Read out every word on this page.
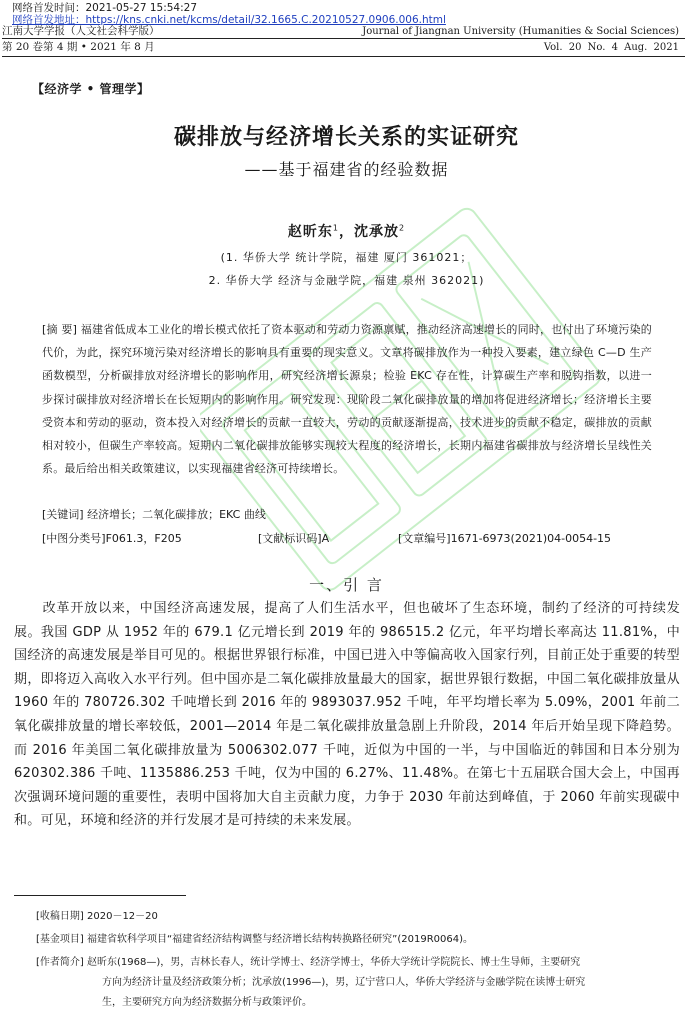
网络首发时间：2021-05-27 15:54:27
网络首发地址：https://kns.cnki.net/kcms/detail/32.1665.C.20210527.0906.006.html
江南大学学报（人文社会科学版）	Journal of Jiangnan University (Humanities & Social Sciences)
第 20 卷第 4 期 • 2021 年 8 月	Vol. 20 No. 4 Aug. 2021
【经济学 • 管理学】
碳排放与经济增长关系的实证研究
——基于福建省的经验数据
赵昕东$^1$，沈承放$^2$
(1. 华侨大学 统计学院，福建 厦门 361021；
2. 华侨大学 经济与金融学院，福建 泉州 362021)
[摘 要] 福建省低成本工业化的增长模式依托了资本驱动和劳动力资源禀赋，推动经济高速增长的同时，也付出了环境污染的代价，为此，探究环境污染对经济增长的影响具有重要的现实意义。文章将碳排放作为一种投入要素，建立绿色 C—D 生产函数模型，分析碳排放对经济增长的影响作用，研究经济增长源泉；检验 EKC 存在性，计算碳生产率和脱钩指数，以进一步探讨碳排放对经济增长在长短期内的影响作用。研究发现：现阶段二氧化碳排放量的增加将促进经济增长；经济增长主要受资本和劳动的驱动，资本投入对经济增长的贡献一直较大，劳动的贡献逐渐提高，技术进步的贡献不稳定，碳排放的贡献相对较小，但碳生产率较高。短期内二氧化碳排放能够实现较大程度的经济增长，长期内福建省碳排放与经济增长呈线性关系。最后给出相关政策建议，以实现福建省经济可持续增长。
[关键词] 经济增长；二氧化碳排放；EKC 曲线
[中图分类号]F061.3，F205	[文献标识码]A	[文章编号]1671-6973(2021)04-0054-15
一、引 言

改革开放以来，中国经济高速发展，提高了人们生活水平，但也破坏了生态环境，制约了经济的可持续发展。我国 GDP 从 1952 年的 679.1 亿元增长到 2019 年的 986515.2 亿元，年平均增长率高达 11.81%，中国经济的高速发展是举目可见的。根据世界银行标准，中国已进入中等偏高收入国家行列，目前正处于重要的转型期，即将迈入高收入水平行列。但中国亦是二氧化碳排放量最大的国家，据世界银行数据，中国二氧化碳排放量从 1960 年的 780726.302 千吨增长到 2016 年的 9893037.952 千吨，年平均增长率为 5.09%，2001 年前二氧化碳排放量的增长率较低，2001—2014 年是二氧化碳排放量急剧上升阶段，2014 年后开始呈现下降趋势。而 2016 年美国二氧化碳排放量为 5006302.077 千吨，近似为中国的一半，与中国临近的韩国和日本分别为 620302.386 千吨、1135886.253 千吨，仅为中国的 6.27%、11.48%。在第七十五届联合国大会上，中国再次强调环境问题的重要性，表明中国将加大自主贡献力度，力争于 2030 年前达到峰值，于 2060 年前实现碳中和。可见，环境和经济的并行发展才是可持续的未来发展。

[收稿日期] 2020－12－20
[基金项目] 福建省软科学项目“福建省经济结构调整与经济增长结构转换路径研究”(2019R0064)。
[作者简介] 赵昕东(1968—)，男，吉林长春人，统计学博士、经济学博士，华侨大学统计学院院长、博士生导师，主要研究
方向为经济计量及经济政策分析；沈承放(1996—)，男，辽宁营口人，华侨大学经济与金融学院在读博士研究
生，主要研究方向为经济数据分析与政策评价。
